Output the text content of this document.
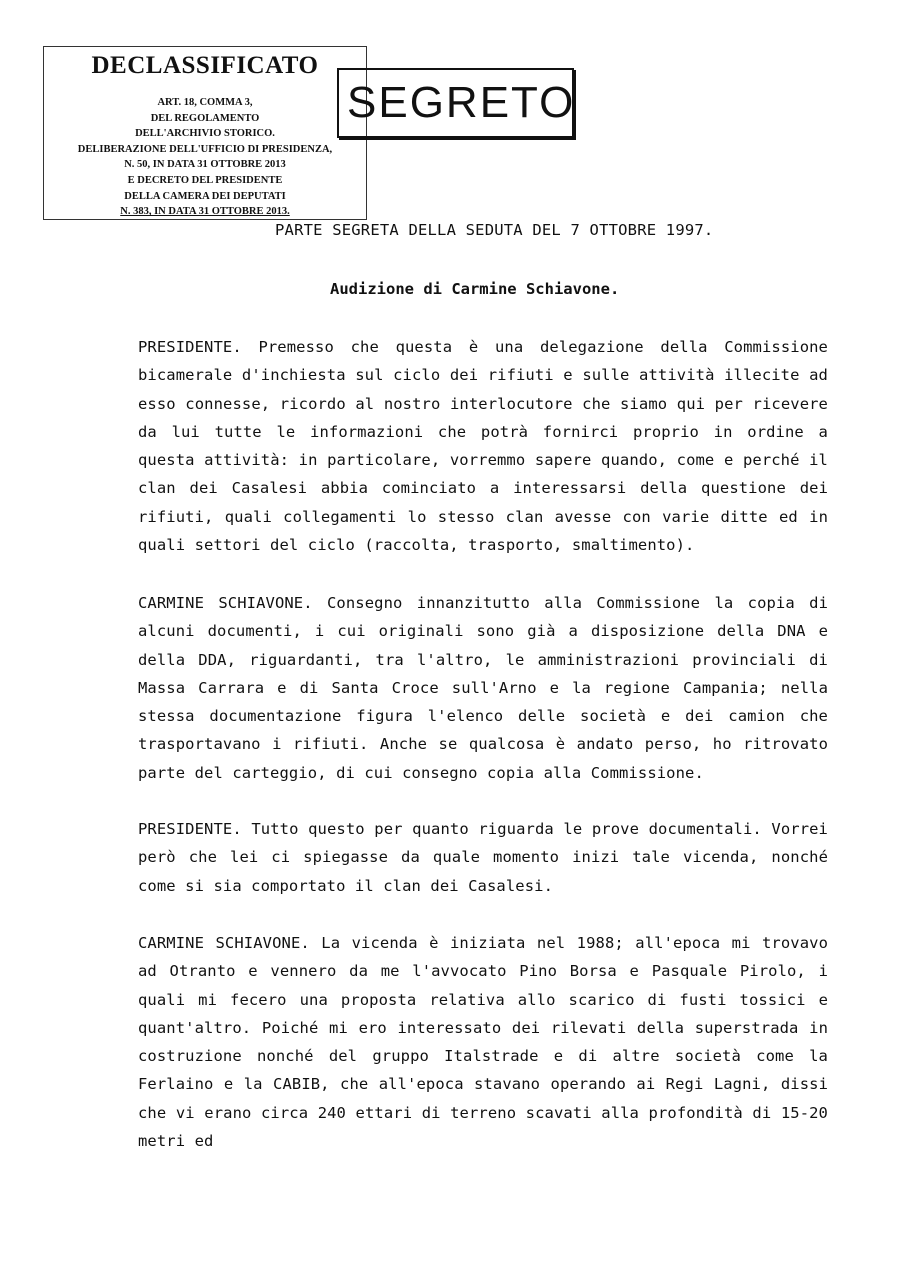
DECLASSIFICATO
ART. 18, COMMA 3,
DEL REGOLAMENTO
DELL'ARCHIVIO STORICO.
DELIBERAZIONE DELL'UFFICIO DI PRESIDENZA,
N. 50, IN DATA 31 OTTOBRE 2013
E DECRETO DEL PRESIDENTE
DELLA CAMERA DEI DEPUTATI
N. 383, IN DATA 31 OTTOBRE 2013.
SEGRETO
PARTE SEGRETA DELLA SEDUTA DEL 7 OTTOBRE 1997.
Audizione di Carmine Schiavone.
PRESIDENTE. Premesso che questa è una delegazione della Commissione bicamerale d'inchiesta sul ciclo dei rifiuti e sulle attività illecite ad esso connesse, ricordo al nostro interlocutore che siamo qui per ricevere da lui tutte le informazioni che potrà fornirci proprio in ordine a questa attività: in particolare, vorremmo sapere quando, come e perché il clan dei Casalesi abbia cominciato a interessarsi della questione dei rifiuti, quali collegamenti lo stesso clan avesse con varie ditte ed in quali settori del ciclo (raccolta, trasporto, smaltimento).
CARMINE SCHIAVONE. Consegno innanzitutto alla Commissione la copia di alcuni documenti, i cui originali sono già a disposizione della DNA e della DDA, riguardanti, tra l'altro, le amministrazioni provinciali di Massa Carrara e di Santa Croce sull'Arno e la regione Campania; nella stessa documentazione figura l'elenco delle società e dei camion che trasportavano i rifiuti. Anche se qualcosa è andato perso, ho ritrovato parte del carteggio, di cui consegno copia alla Commissione.
PRESIDENTE. Tutto questo per quanto riguarda le prove documentali. Vorrei però che lei ci spiegasse da quale momento inizi tale vicenda, nonché come si sia comportato il clan dei Casalesi.
CARMINE SCHIAVONE. La vicenda è iniziata nel 1988; all'epoca mi trovavo ad Otranto e vennero da me l'avvocato Pino Borsa e Pasquale Pirolo, i quali mi fecero una proposta relativa allo scarico di fusti tossici e quant'altro. Poiché mi ero interessato dei rilevati della superstrada in costruzione nonché del gruppo Italstrade e di altre società come la Ferlaino e la CABIB, che all'epoca stavano operando ai Regi Lagni, dissi che vi erano circa 240 ettari di terreno scavati alla profondità di 15-20 metri ed
